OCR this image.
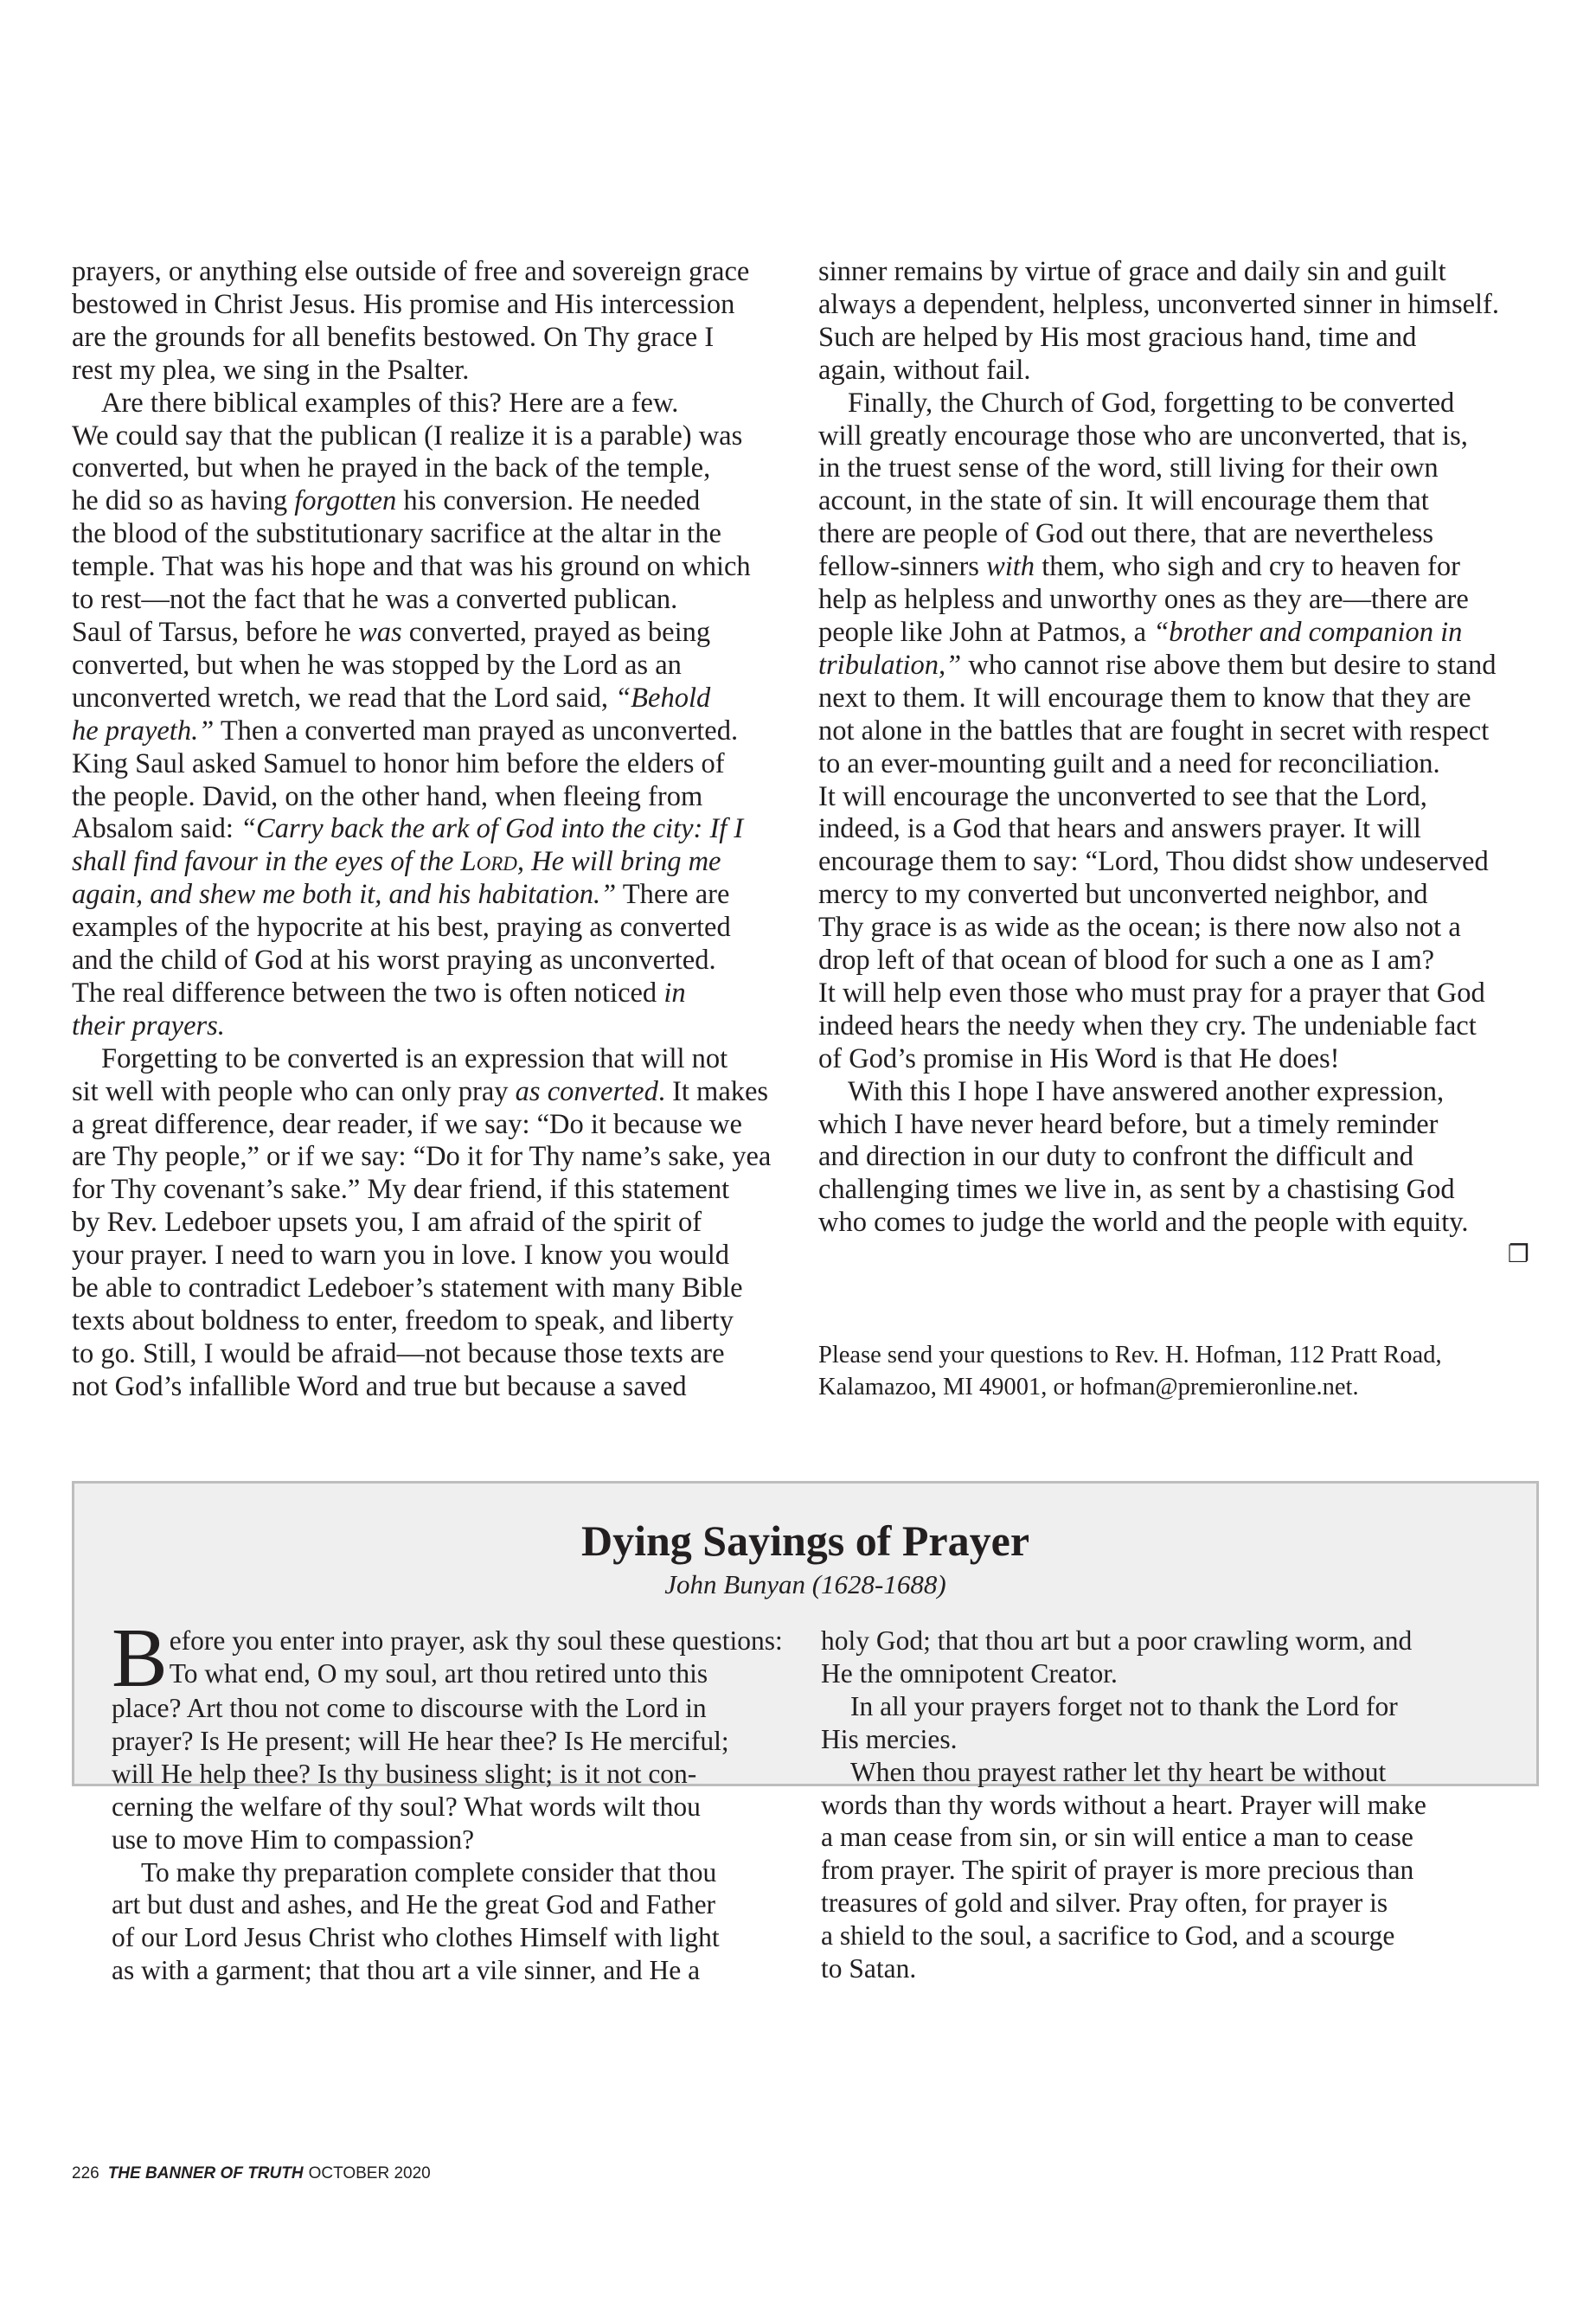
prayers, or anything else outside of free and sovereign grace
bestowed in Christ Jesus. His promise and His intercession
are the grounds for all benefits bestowed. On Thy grace I
rest my plea, we sing in the Psalter.
Are there biblical examples of this? Here are a few.
We could say that the publican (I realize it is a parable) was
converted, but when he prayed in the back of the temple,
he did so as having forgotten his conversion. He needed
the blood of the substitutionary sacrifice at the altar in the
temple. That was his hope and that was his ground on which
to rest—not the fact that he was a converted publican.
Saul of Tarsus, before he was converted, prayed as being
converted, but when he was stopped by the Lord as an
unconverted wretch, we read that the Lord said, “Behold
he prayeth.” Then a converted man prayed as unconverted.
King Saul asked Samuel to honor him before the elders of
the people. David, on the other hand, when fleeing from
Absalom said: “Carry back the ark of God into the city: If I
shall find favour in the eyes of the Lord, He will bring me
again, and shew me both it, and his habitation.” There are
examples of the hypocrite at his best, praying as converted
and the child of God at his worst praying as unconverted.
The real difference between the two is often noticed in
their prayers.
Forgetting to be converted is an expression that will not
sit well with people who can only pray as converted. It makes
a great difference, dear reader, if we say: “Do it because we
are Thy people,” or if we say: “Do it for Thy name’s sake, yea
for Thy covenant’s sake.” My dear friend, if this statement
by Rev. Ledeboer upsets you, I am afraid of the spirit of
your prayer. I need to warn you in love. I know you would
be able to contradict Ledeboer’s statement with many Bible
texts about boldness to enter, freedom to speak, and liberty
to go. Still, I would be afraid—not because those texts are
not God’s infallible Word and true but because a saved
sinner remains by virtue of grace and daily sin and guilt
always a dependent, helpless, unconverted sinner in himself.
Such are helped by His most gracious hand, time and
again, without fail.
Finally, the Church of God, forgetting to be converted
will greatly encourage those who are unconverted, that is,
in the truest sense of the word, still living for their own
account, in the state of sin. It will encourage them that
there are people of God out there, that are nevertheless
fellow-sinners with them, who sigh and cry to heaven for
help as helpless and unworthy ones as they are—there are
people like John at Patmos, a “brother and companion in
tribulation,” who cannot rise above them but desire to stand
next to them. It will encourage them to know that they are
not alone in the battles that are fought in secret with respect
to an ever-mounting guilt and a need for reconciliation.
It will encourage the unconverted to see that the Lord,
indeed, is a God that hears and answers prayer. It will
encourage them to say: “Lord, Thou didst show undeserved
mercy to my converted but unconverted neighbor, and
Thy grace is as wide as the ocean; is there now also not a
drop left of that ocean of blood for such a one as I am?
It will help even those who must pray for a prayer that God
indeed hears the needy when they cry. The undeniable fact
of God’s promise in His Word is that He does!
With this I hope I have answered another expression,
which I have never heard before, but a timely reminder
and direction in our duty to confront the difficult and
challenging times we live in, as sent by a chastising God
who comes to judge the world and the people with equity.
❐
Please send your questions to Rev. H. Hofman, 112 Pratt Road,
Kalamazoo, MI 49001, or hofman@premieronline.net.
Dying Sayings of Prayer
John Bunyan (1628-1688)
B efore you enter into prayer, ask thy soul these questions:
To what end, O my soul, art thou retired unto this
place? Art thou not come to discourse with the Lord in
prayer? Is He present; will He hear thee? Is He merciful;
will He help thee? Is thy business slight; is it not con-
cerning the welfare of thy soul? What words wilt thou
use to move Him to compassion?
To make thy preparation complete consider that thou
art but dust and ashes, and He the great God and Father
of our Lord Jesus Christ who clothes Himself with light
as with a garment; that thou art a vile sinner, and He a
holy God; that thou art but a poor crawling worm, and
He the omnipotent Creator.
In all your prayers forget not to thank the Lord for
His mercies.
When thou prayest rather let thy heart be without
words than thy words without a heart. Prayer will make
a man cease from sin, or sin will entice a man to cease
from prayer. The spirit of prayer is more precious than
treasures of gold and silver. Pray often, for prayer is
a shield to the soul, a sacrifice to God, and a scourge
to Satan.
226 THE BANNER OF TRUTH OCTOBER 2020
